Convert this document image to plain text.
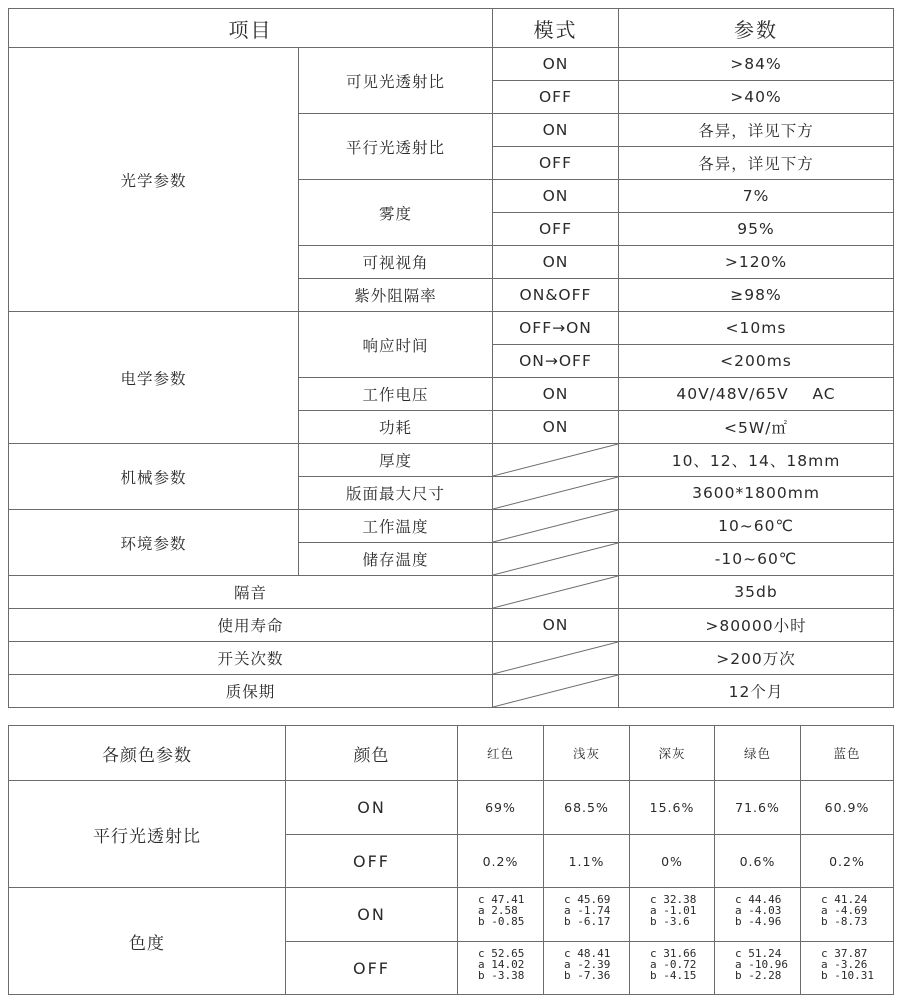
项目		模式	参数
光学参数	可见光透射比	ON	>84%
		OFF	>40%
	平行光透射比	ON	各异，详见下方
		OFF	各异，详见下方
	雾度	ON	7%
		OFF	95%
	可视视角	ON	>120%
	紫外阻隔率	ON&OFF	≥98%
电学参数	响应时间	OFF→ON	<10ms
		ON→OFF	<200ms
	工作电压	ON	40V/48V/65V    AC
	功耗	ON	<5W/㎡
机械参数	厚度		10、12、14、18mm
	版面最大尺寸		3600*1800mm
环境参数	工作温度		10~60℃
	储存温度		-10~60℃
隔音			35db
使用寿命		ON	>80000小时
开关次数			>200万次
质保期			12个月
各颜色参数	颜色	红色	浅灰	深灰	绿色	蓝色
平行光透射比	ON	69%	68.5%	15.6%	71.6%	60.9%
	OFF	0.2%	1.1%	0%	0.6%	0.2%
色度	ON	c 47.41
a 2.58
b -0.85	c 45.69
a -1.74
b -6.17	c 32.38
a -1.01
b -3.6	c 44.46
a -4.03
b -4.96	c 41.24
a -4.69
b -8.73

	OFF	c 52.65
a 14.02
b -3.38	c 48.41
a -2.39
b -7.36	c 31.66
a -0.72
b -4.15	c 51.24
a -10.96
b -2.28	c 37.87
a -3.26
b -10.31
